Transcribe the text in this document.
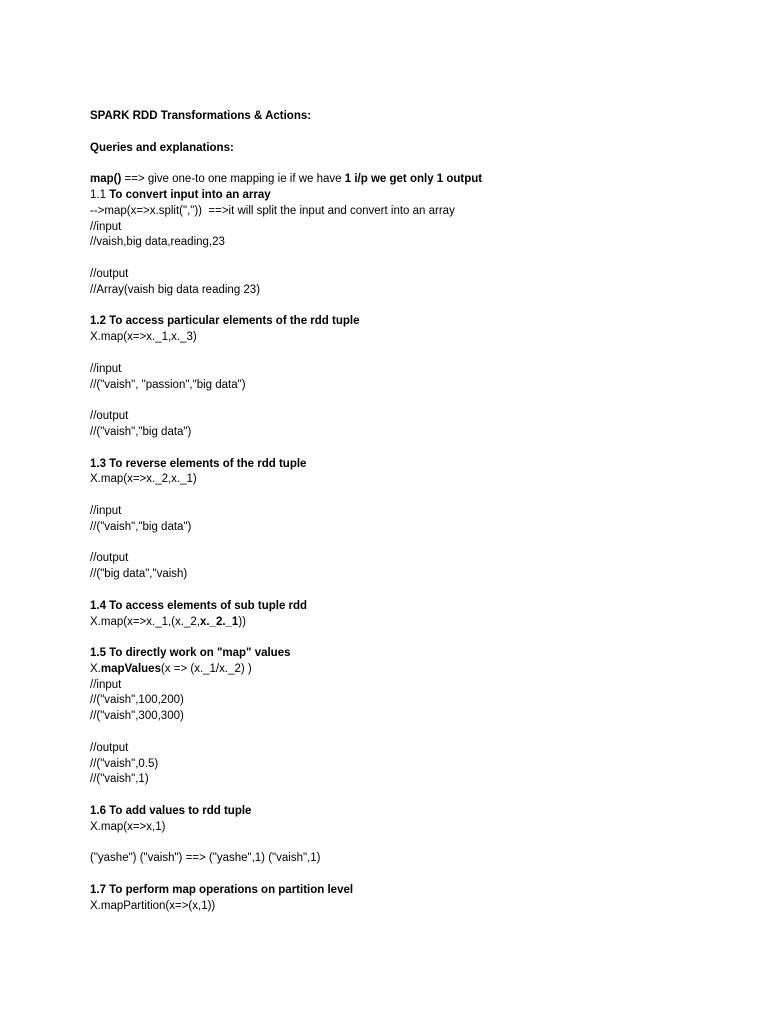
SPARK RDD Transformations & Actions:
Queries and explanations:
map() ==> give one-to one mapping ie if we have 1 i/p we get only 1 output
1.1 To convert input into an array
-->map(x=>x.split(","))  ==>it will split the input and convert into an array
//input
//vaish,big data,reading,23
//output
//Array(vaish big data reading 23)
1.2 To access particular elements of the rdd tuple
X.map(x=>x._1,x._3)
//input
//("vaish", "passion","big data")
//output
//("vaish","big data")
1.3 To reverse elements of the rdd tuple
X.map(x=>x._2,x._1)
//input
//("vaish","big data")
//output
//("big data","vaish)
1.4 To access elements of sub tuple rdd
X.map(x=>x._1,(x._2,x._2._1))
1.5 To directly work on "map" values
X.mapValues(x => (x._1/x._2) )
//input
//("vaish",100,200)
//("vaish",300,300)
//output
//("vaish",0.5)
//("vaish",1)
1.6 To add values to rdd tuple
X.map(x=>x,1)
("yashe") ("vaish") ==> ("yashe",1) ("vaish",1)
1.7 To perform map operations on partition level
X.mapPartition(x=>(x,1))
